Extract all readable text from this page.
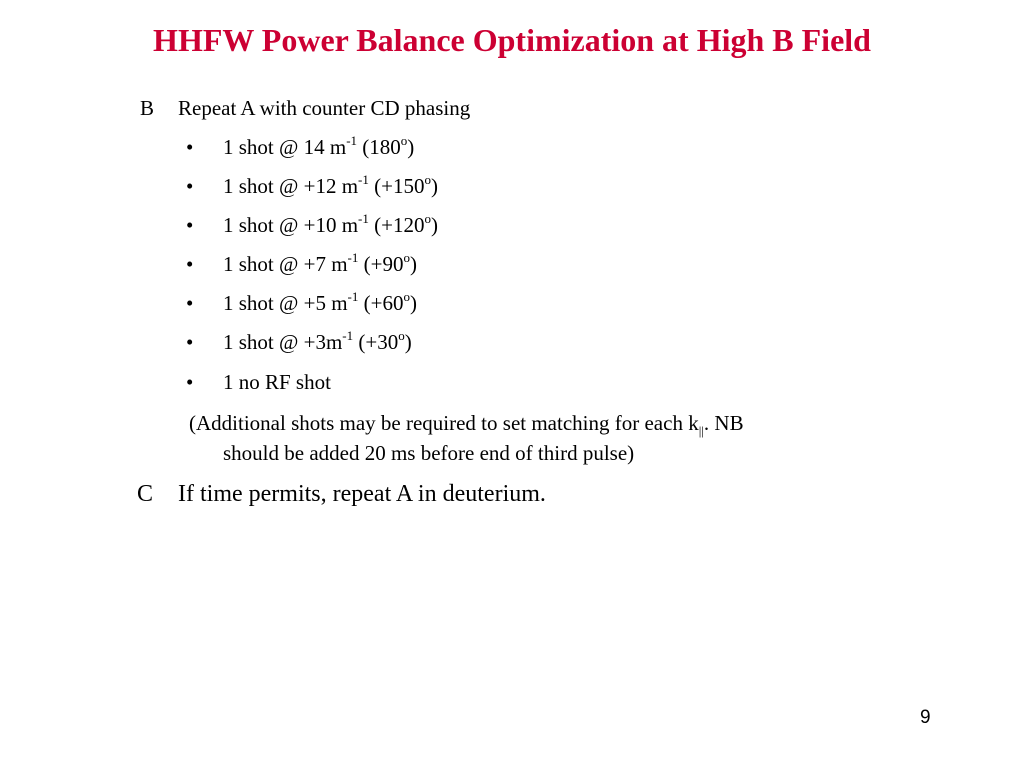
HHFW Power Balance Optimization at High B Field
B Repeat A with counter CD phasing
• 1 shot @ 14 $m^{-1}$ (180$^o$)
• 1 shot @ +12 $m^{-1}$ $(+150^o)$
• 1 shot @ +10 $m^{-1}$ $(+120^o)$
• 1 shot @ +7 $m^{-1}$ $(+90^o)$
• 1 shot @ +5 $m^{-1}$ $(+60^o)$
• 1 shot @ $+3m^{-1}$ $(+30^o)$
• 1 no RF shot
(Additional shots may be required to set matching for each $k_{||}$. NB
should be added 20 ms before end of third pulse)
C If time permits, repeat A in deuterium.
9
